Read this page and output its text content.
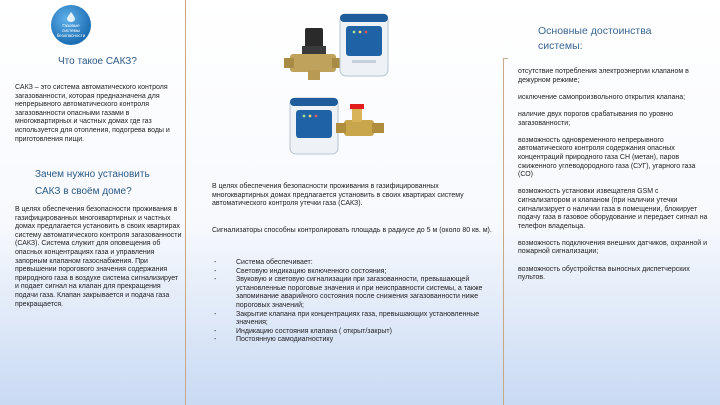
Газовые
системы
безопасности
Что такое САКЗ?
САКЗ – это система автоматического контроля загазованности, которая предназначена для непрерывного автоматического контроля загазованности опасными газами в многоквартирных и частных домах где газ используется для отопления, подогрева воды и приготовления пищи.
Зачем нужно установить
САКЗ в своём доме?
В целях обеспечения безопасности проживания в газифицированных многоквартирных и частных домах предлагается установить в своих квартирах систему автоматического контроля загазованности (САКЗ). Система служит для оповещения об опасных концентрациях газа и управления запорным клапаном газоснабжения. При превышении порогового значения содержания природного газа в воздухе система сигнализирует и подает сигнал на клапан для прекращения подачи газа. Клапан закрывается и подача газа прекращается.
В целях обеспечения безопасности проживания в газифицированных многоквартирных домах предлагается установить в своих квартирах систему автоматического контроля утечки газа (САКЗ).
Сигнализаторы способны контролировать площадь в радиусе до 5 м (около 80 кв. м).
- Система обеспечивает:
- Световую индикацию включенного состояния;
- Звуковую и световую сигнализации при загазованности, превышающей установленные пороговые значения и при неисправности системы, а также запоминание аварийного состояния после снижения загазованности ниже пороговых значений;
- Закрытие клапана при концентрациях газа, превышающих установленные значения;
- Индикацию состояния клапана ( открыт/закрыт)
- Постоянную самодиагностику
Основные достоинства
системы:
отсутствие потребления электроэнергии клапаном в дежурном режиме;
исключение самопроизвольного открытия клапана;
наличие двух порогов срабатывания по уровню загазованности;
возможность одновременного непрерывного автоматического контроля содержания опасных концентраций природного газа СН (метан), паров сжиженного углеводородного газа (СУГ), угарного газа (СО)
возможность установки извещателя GSM с сигнализатором и клапаном (при наличии утечки сигнализирует о наличии газа в помещении, блокирует подачу газа в газовое оборудование и передает сигнал на телефон владельца.
возможность подключения внешних датчиков, охранной и пожарной сигнализации;
возможность обустройства выносных диспетчерских пультов.
